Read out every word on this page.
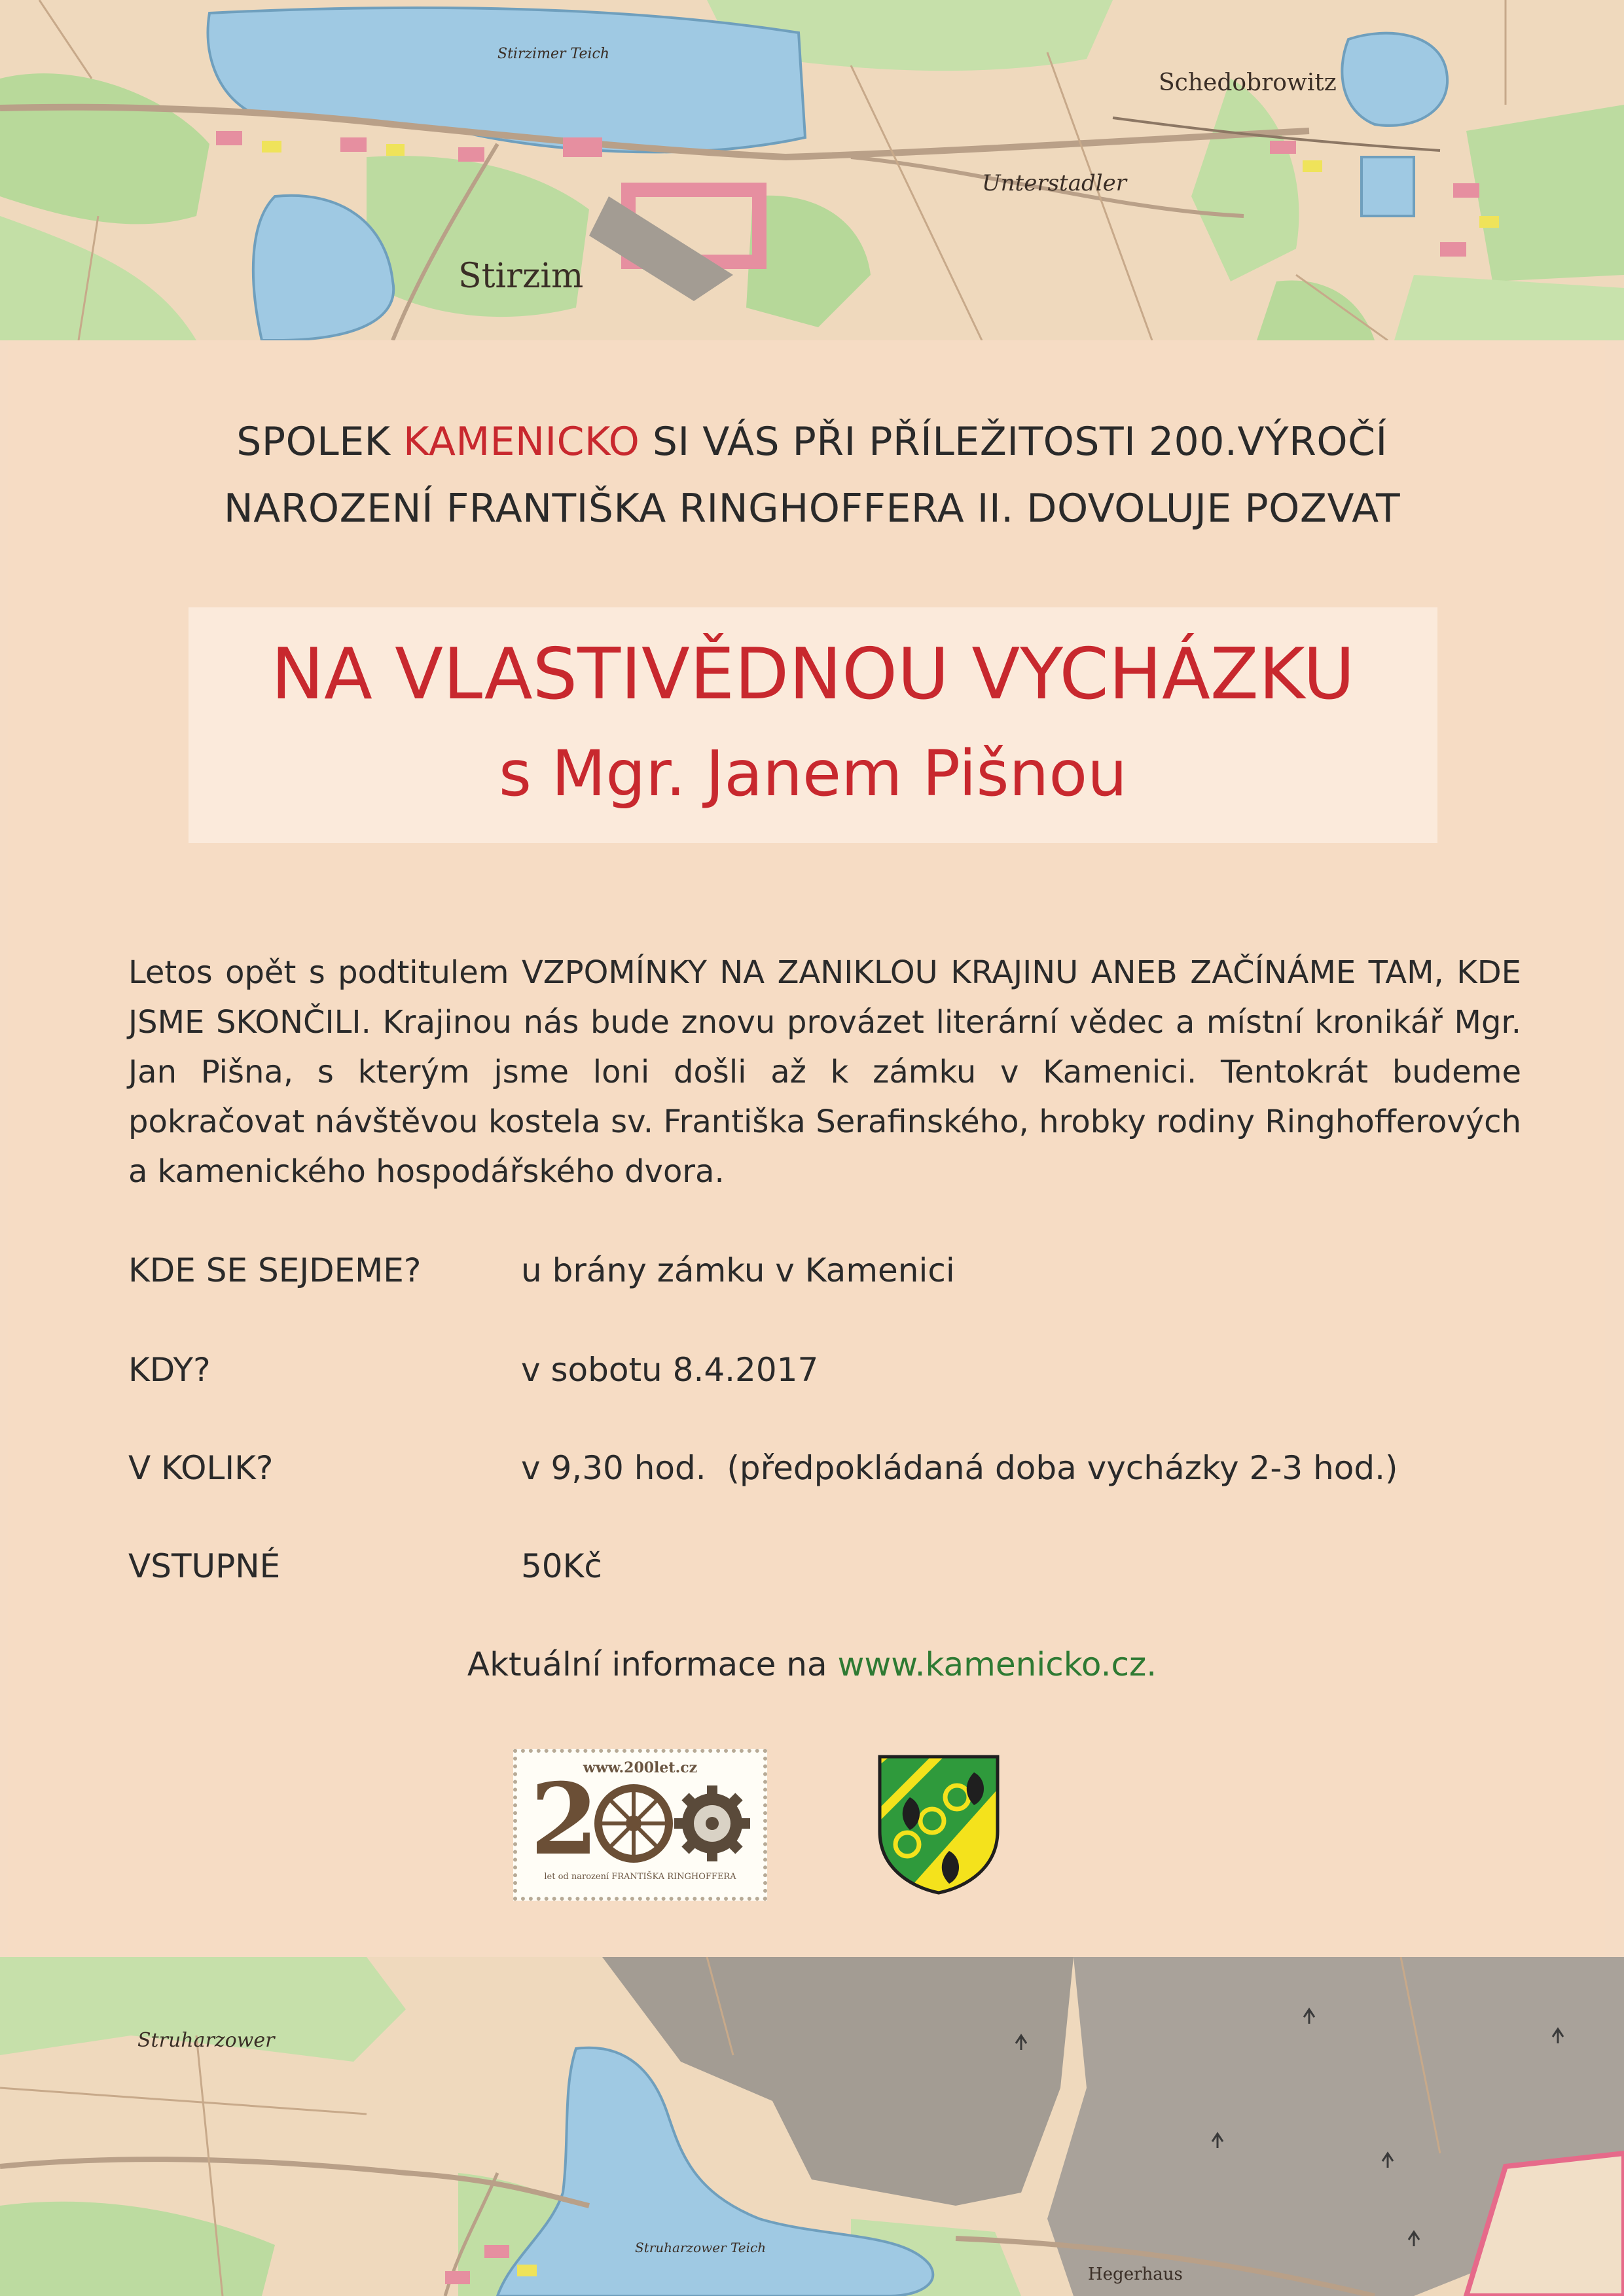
Stirzimer Teich
Schedobrowitz
Unterstadler
Stirzim
SPOLEK KAMENICKO SI VÁS PŘI PŘÍLEŽITOSTI 200.VÝROČÍ
NAROZENÍ FRANTIŠKA RINGHOFFERA II. DOVOLUJE POZVAT
NA VLASTIVĚDNOU VYCHÁZKU
s Mgr. Janem Pišnou
Letos opět s podtitulem VZPOMÍNKY NA ZANIKLOU KRAJINU ANEB ZAČÍNÁME TAM, KDE JSME SKONČILI. Krajinou nás bude znovu provázet literární vědec a místní kronikář Mgr. Jan Pišna, s kterým jsme loni došli až k zámku v Kamenici. Tentokrát budeme pokračovat návštěvou kostela sv. Františka Serafinského, hrobky rodiny Ringhofferových a kamenického hospodářského dvora.
KDE SE SEJDEME?	u brány zámku v Kamenici
KDY?	v sobotu 8.4.2017
V KOLIK?	v 9,30 hod.  (předpokládaná doba vycházky 2-3 hod.)
VSTUPNÉ	50Kč
Aktuální informace na www.kamenicko.cz.
www.200let.cz
2
let od narození FRANTIŠKA RINGHOFFERA
Struharzower
Struharzower Teich
Hegerhaus
